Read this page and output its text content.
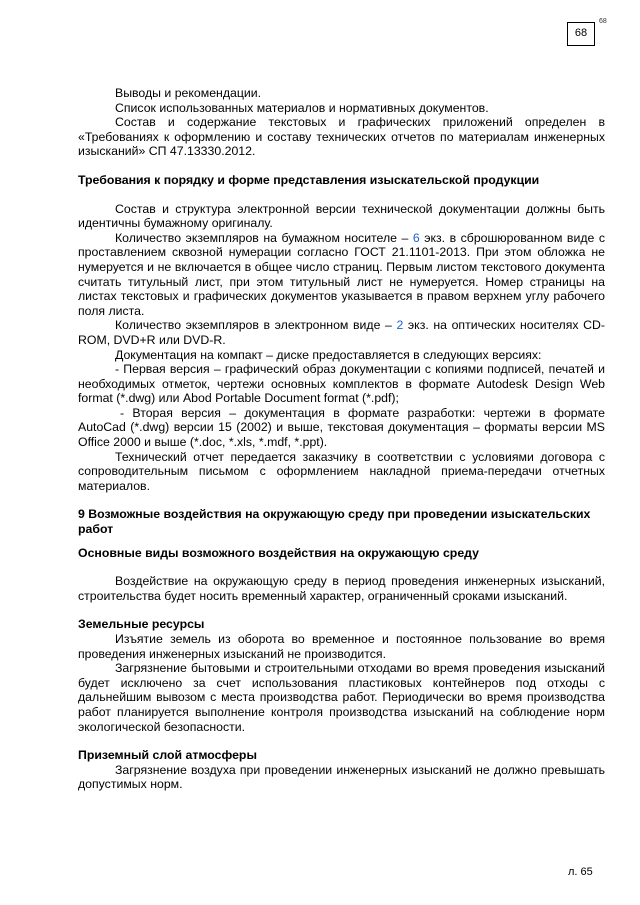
68
68

Выводы и рекомендации.

Список использованных материалов и нормативных документов.

Состав и содержание текстовых и графических приложений определен в «Требованиях к оформлению и составу технических отчетов по материалам инженерных изысканий» СП 47.13330.2012.

Требования к порядку и форме представления изыскательской продукции

Состав и структура электронной версии технической документации должны быть идентичны бумажному оригиналу.

Количество экземпляров на бумажном носителе – 6 экз. в сброшюрованном виде с проставлением сквозной нумерации согласно ГОСТ 21.1101-2013. При этом обложка не нумеруется и не включается в общее число страниц. Первым листом текстового документа считать титульный лист, при этом титульный лист не нумеруется. Номер страницы на листах текстовых и графических документов указывается в правом верхнем углу рабочего поля листа.

Количество экземпляров в электронном виде – 2 экз. на оптических носителях CD-ROM, DVD+R или DVD-R.

Документация на компакт – диске предоставляется в следующих версиях:

- Первая версия – графический образ документации с копиями подписей, печатей и необходимых отметок, чертежи основных комплектов в формате Autodesk Design Web format (*.dwg) или Abod Portable Document format (*.pdf);

- Вторая версия – документация в формате разработки: чертежи в формате AutoCad (*.dwg) версии 15 (2002) и выше, текстовая документация – форматы версии MS Office 2000 и выше (*.doc, *.xls, *.mdf, *.ppt).

Технический отчет передается заказчику в соответствии с условиями договора с сопроводительным письмом с оформлением накладной приема-передачи отчетных материалов.

9 Возможные воздействия на окружающую среду при проведении изыскательских работ

Основные виды возможного воздействия на окружающую среду

Воздействие на окружающую среду в период проведения инженерных изысканий, строительства будет носить временный характер, ограниченный сроками изысканий.

Земельные ресурсы

Изъятие земель из оборота во временное и постоянное пользование во время проведения инженерных изысканий не производится.

Загрязнение бытовыми и строительными отходами во время проведения изысканий будет исключено за счет использования пластиковых контейнеров под отходы с дальнейшим вывозом с места производства работ. Периодически во время производства работ планируется выполнение контроля производства изысканий на соблюдение норм экологической безопасности.

Приземный слой атмосферы

Загрязнение воздуха при проведении инженерных изысканий не должно превышать допустимых норм.

л. 65
